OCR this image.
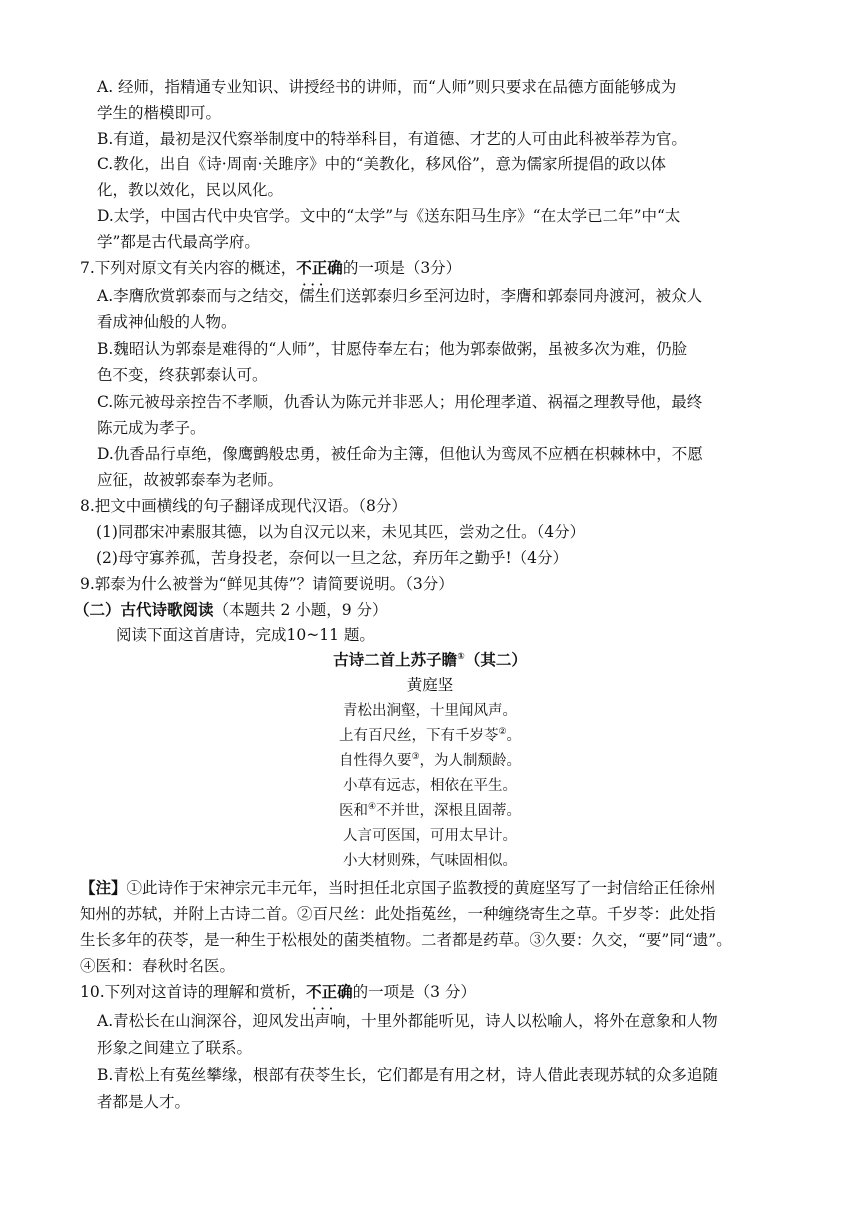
A. 经师，指精通专业知识、讲授经书的讲师，而“人师”则只要求在品德方面能够成为
学生的楷模即可。
B.有道，最初是汉代察举制度中的特举科目，有道德、才艺的人可由此科被举荐为官。
C.教化，出自《诗·周南·关雎序》中的“美教化，移风俗”，意为儒家所提倡的政以体
化，教以效化，民以风化。
D.太学，中国古代中央官学。文中的“太学”与《送东阳马生序》“在太学已二年”中“太
学”都是古代最高学府。
7.下列对原文有关内容的概述，不正确 • • •的一项是（3分）
A.李膺欣赏郭泰而与之结交，儒生们送郭泰归乡至河边时，李膺和郭泰同舟渡河，被众人
看成神仙般的人物。
B.魏昭认为郭泰是难得的“人师”，甘愿侍奉左右；他为郭泰做粥，虽被多次为难，仍脸
色不变，终获郭泰认可。
C.陈元被母亲控告不孝顺，仇香认为陈元并非恶人；用伦理孝道、祸福之理教导他，最终
陈元成为孝子。
D.仇香品行卓绝，像鹰鹯般忠勇，被任命为主簿，但他认为鸾凤不应栖在枳棘林中，不愿
应征，故被郭泰奉为老师。
8.把文中画横线的句子翻译成现代汉语。（8分）
(1)同郡宋冲素服其德，以为自汉元以来，未见其匹，尝劝之仕。（4分）
(2)母守寡养孤，苦身投老，奈何以一旦之忿，弃历年之勤乎!（4分）
9.郭泰为什么被誉为“鲜见其俦”？请简要说明。（3分）
（二）古代诗歌阅读（本题共 2 小题，9 分）
阅读下面这首唐诗，完成10~11 题。
古诗二首上苏子瞻①（其二）
黄庭坚
青松出涧壑，十里闻风声。
上有百尺丝，下有千岁苓②。
自性得久要③，为人制颓龄。
小草有远志，相依在平生。
医和④不并世，深根且固蒂。
人言可医国，可用太早计。
小大材则殊，气味固相似。
【注】①此诗作于宋神宗元丰元年，当时担任北京国子监教授的黄庭坚写了一封信给正任徐州
知州的苏轼，并附上古诗二首。②百尺丝：此处指菟丝，一种缠绕寄生之草。千岁苓：此处指
生长多年的茯苓，是一种生于松根处的菌类植物。二者都是药草。③久要：久交，“要”同“遗”。
④医和：春秋时名医。
10.下列对这首诗的理解和赏析，不正确 • • •的一项是（3 分）
A.青松长在山涧深谷，迎风发出声响，十里外都能听见，诗人以松喻人，将外在意象和人物
形象之间建立了联系。
B.青松上有菟丝攀缘，根部有茯苓生长，它们都是有用之材，诗人借此表现苏轼的众多追随
者都是人才。
